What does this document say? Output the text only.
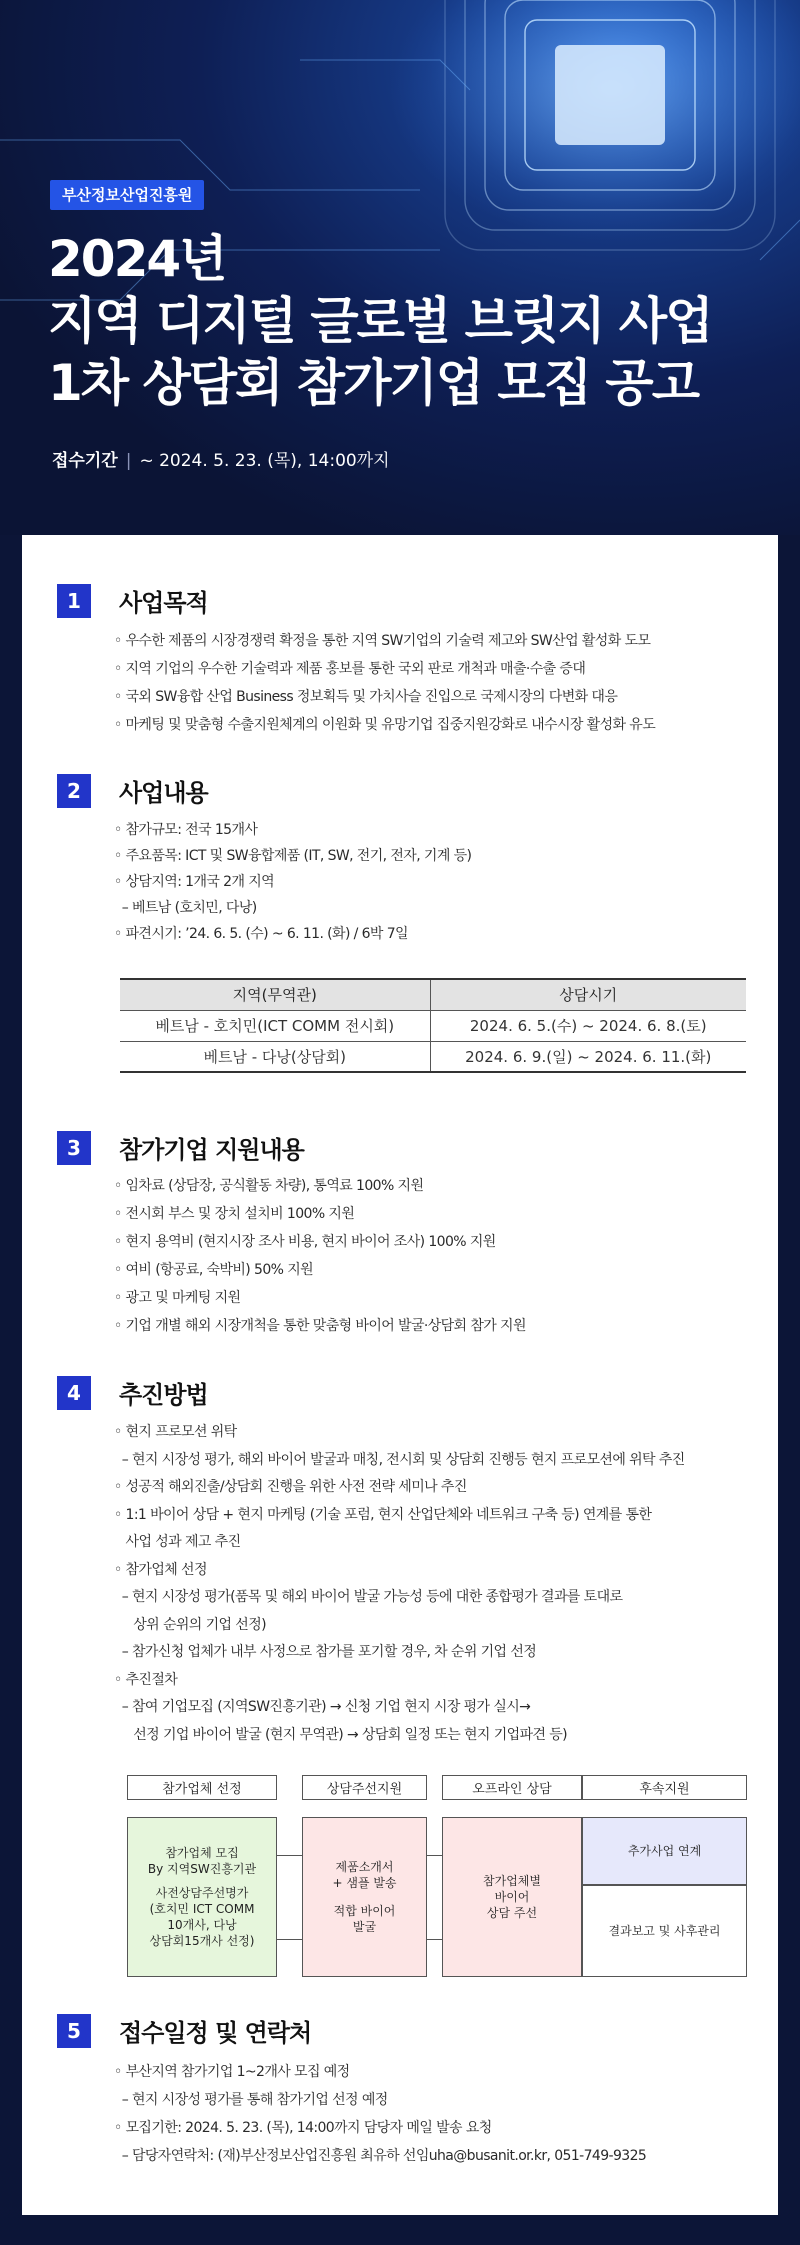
부산정보산업진흥원
2024년
지역 디지털 글로벌 브릿지 사업
1차 상담회 참가기업 모집 공고
접수기간 | ~ 2024. 5. 23. (목), 14:00까지
1	사업목적
◦ 우수한 제품의 시장경쟁력 확정을 통한 지역 SW기업의 기술력 제고와 SW산업 활성화 도모
◦ 지역 기업의 우수한 기술력과 제품 홍보를 통한 국외 판로 개척과 매출·수출 증대
◦ 국외 SW융합 산업 Business 정보획득 및 가치사슬 진입으로 국제시장의 다변화 대응
◦ 마케팅 및 맞춤형 수출지원체계의 이원화 및 유망기업 집중지원강화로 내수시장 활성화 유도
2	사업내용
◦ 참가규모: 전국 15개사
◦ 주요품목: ICT 및 SW융합제품 (IT, SW, 전기, 전자, 기계 등)
◦ 상담지역: 1개국 2개 지역
– 베트남 (호치민, 다낭)
◦ 파견시기: ’24. 6. 5. (수) ~ 6. 11. (화) / 6박 7일
지역(무역관)	상담시기
베트남 - 호치민(ICT COMM 전시회)	2024. 6. 5.(수) ~ 2024. 6. 8.(토)
베트남 - 다낭(상담회)	2024. 6. 9.(일) ~ 2024. 6. 11.(화)
3	참가기업 지원내용
◦ 임차료 (상담장, 공식활동 차량), 통역료 100% 지원
◦ 전시회 부스 및 장치 설치비 100% 지원
◦ 현지 용역비 (현지시장 조사 비용, 현지 바이어 조사) 100% 지원
◦ 여비 (항공료, 숙박비) 50% 지원
◦ 광고 및 마케팅 지원
◦ 기업 개별 해외 시장개척을 통한 맞춤형 바이어 발굴·상담회 참가 지원
4	추진방법
◦ 현지 프로모션 위탁
– 현지 시장성 평가, 해외 바이어 발굴과 매칭, 전시회 및 상담회 진행등 현지 프로모션에 위탁 추진
◦ 성공적 해외진출/상담회 진행을 위한 사전 전략 세미나 추진
◦ 1:1 바이어 상담 + 현지 마케팅 (기술 포럼, 현지 산업단체와 네트워크 구축 등) 연계를 통한
사업 성과 제고 추진
◦ 참가업체 선정
– 현지 시장성 평가(품목 및 해외 바이어 발굴 가능성 등에 대한 종합평가 결과를 토대로
상위 순위의 기업 선정)
– 참가신청 업체가 내부 사정으로 참가를 포기할 경우, 차 순위 기업 선정
◦ 추진절차
– 참여 기업모집 (지역SW진흥기관) → 신청 기업 현지 시장 평가 실시→
선정 기업 바이어 발굴 (현지 무역관) → 상담회 일정 또는 현지 기업파견 등)
참가업체 선정	상담주선지원	오프라인 상담	후속지원
참가업체 모집
By 지역SW진흥기관
사전상담주선명가
(호치민 ICT COMM
10개사, 다낭
상담회15개사 선정)
제품소개서
+ 샘플 발송
적합 바이어
발굴
참가업체별
바이어
상담 주선
추가사업 연계
결과보고 및 사후관리
5	접수일정 및 연락처
◦ 부산지역 참가기업 1~2개사 모집 예정
– 현지 시장성 평가를 통해 참가기업 선정 예정
◦ 모집기한: 2024. 5. 23. (목), 14:00까지 담당자 메일 발송 요청
– 담당자연락처: (재)부산정보산업진흥원 최유하 선임uha@busanit.or.kr, 051-749-9325
